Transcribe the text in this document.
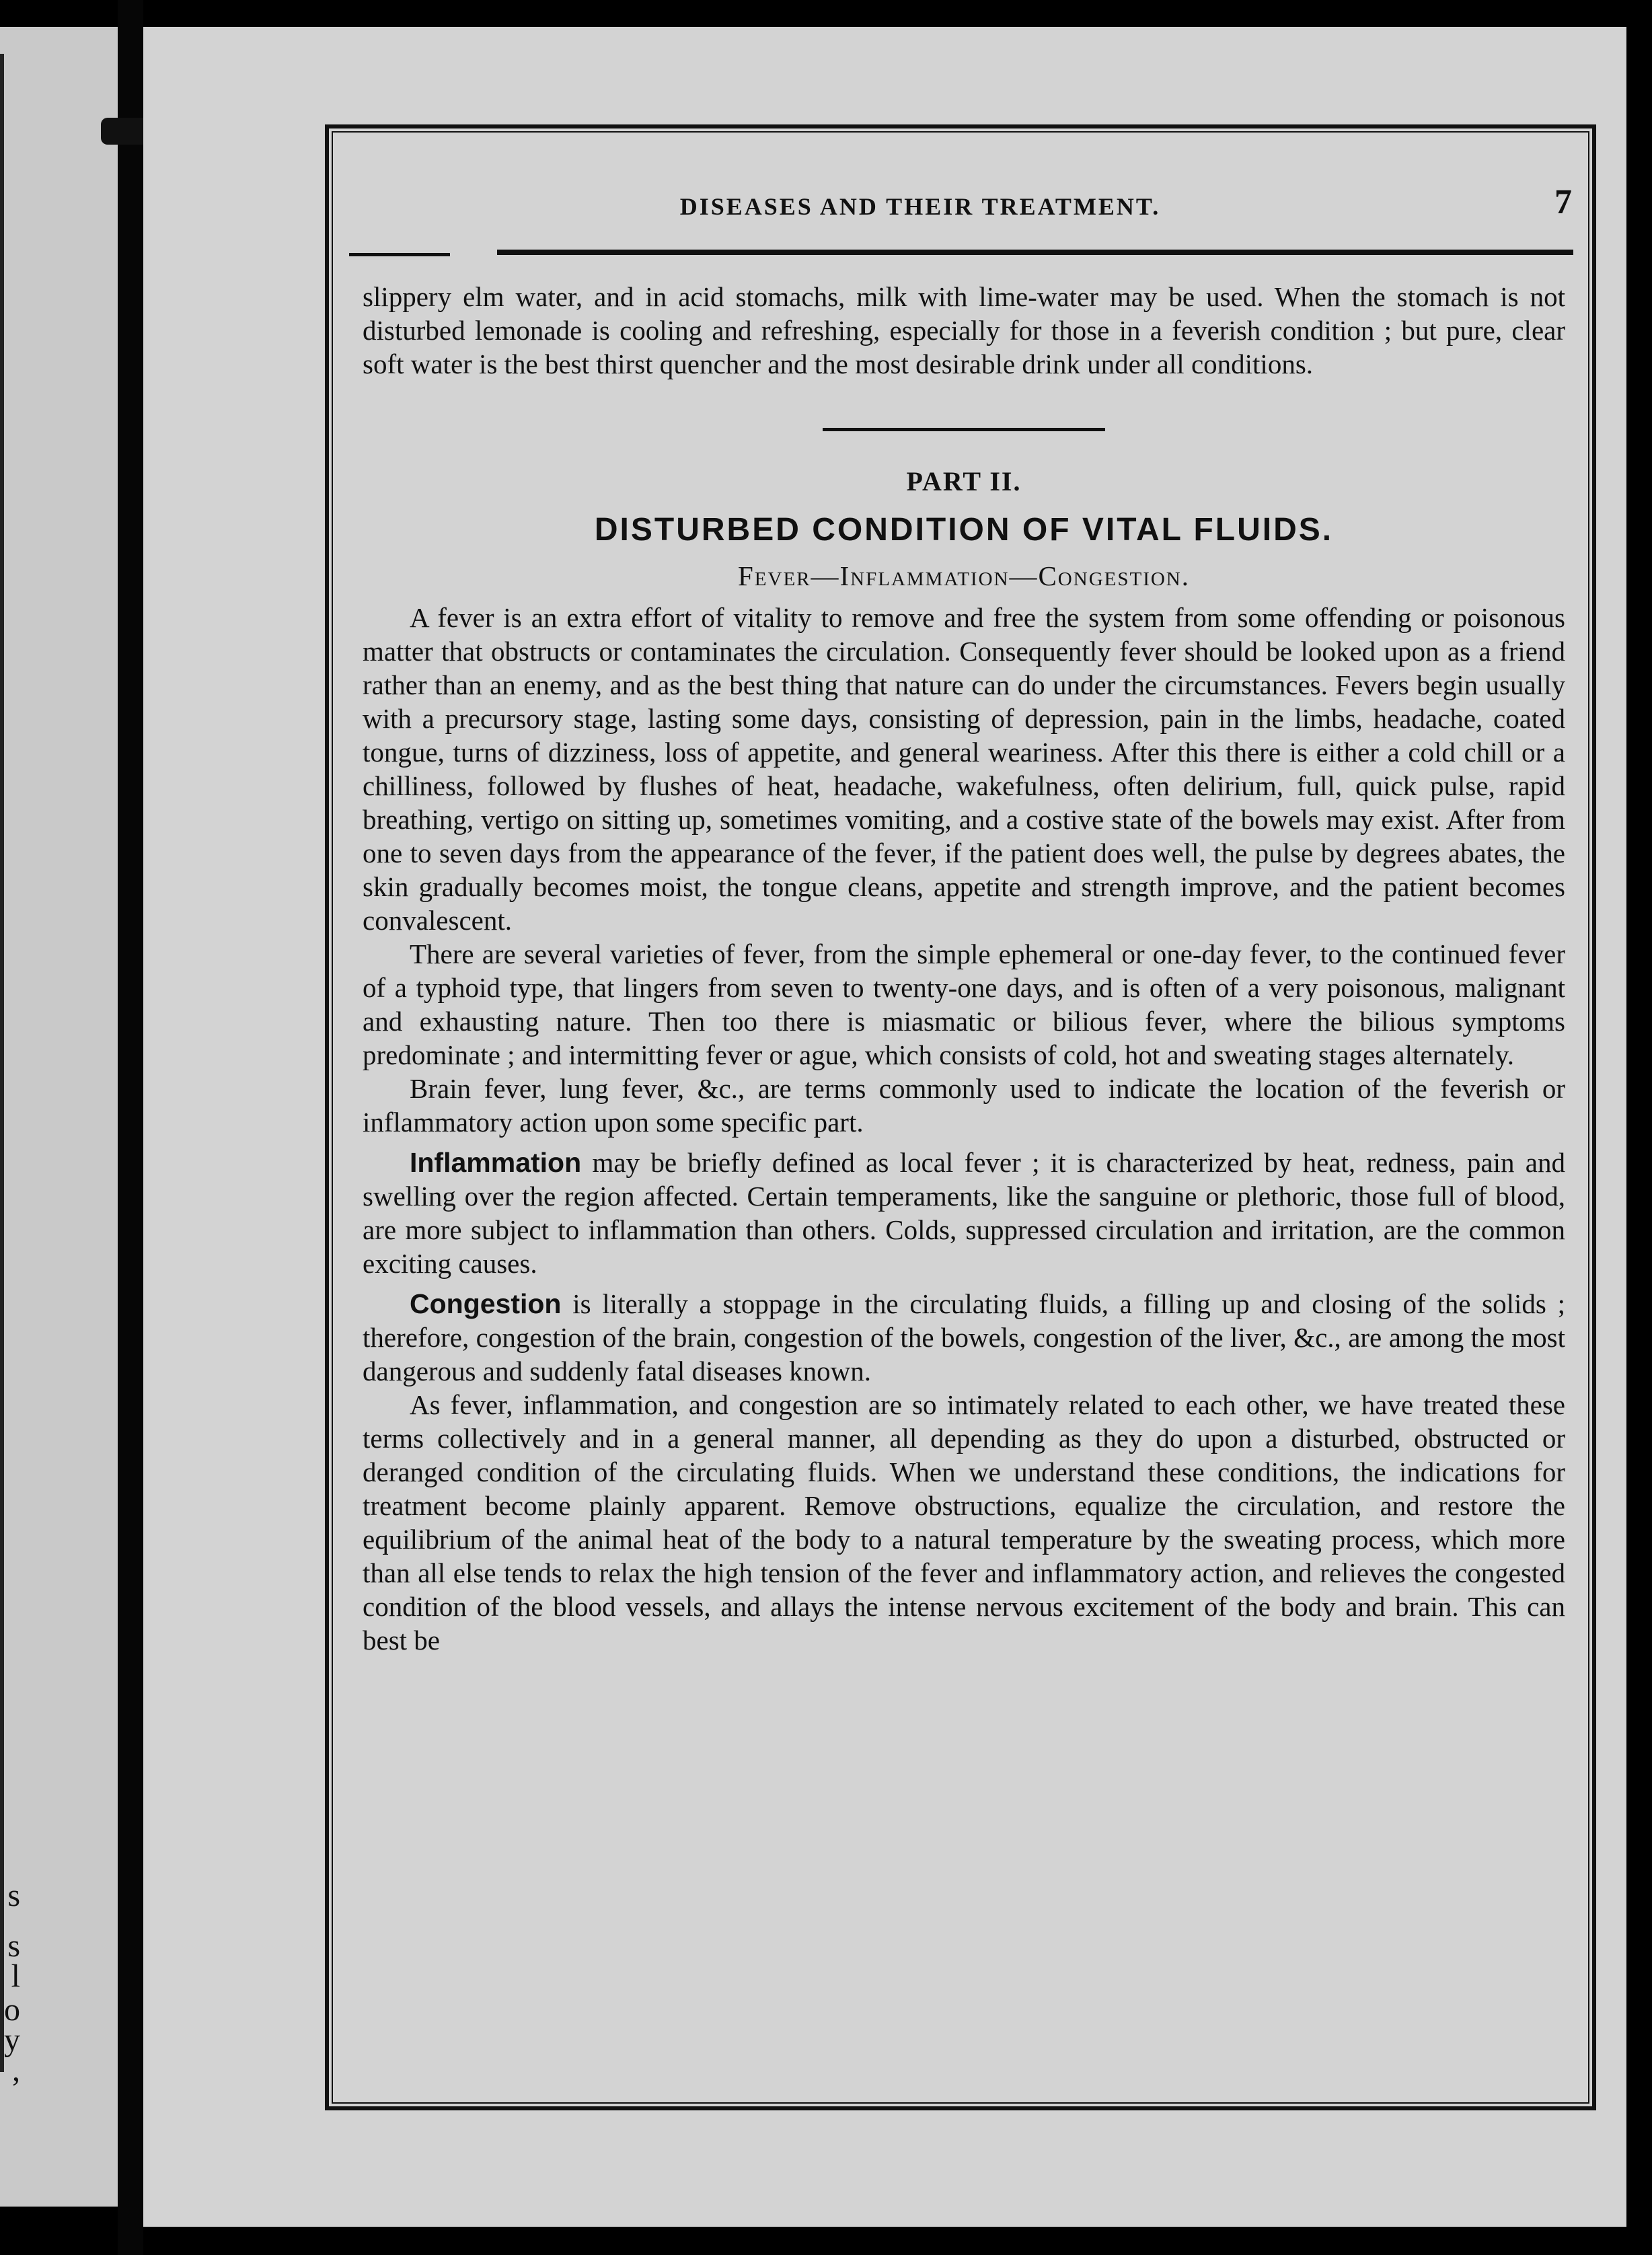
s
s
l
o
y
,
DISEASES AND THEIR TREATMENT.	7

slippery elm water, and in acid stomachs, milk with lime-water may be used. When the stomach is not disturbed lemonade is cooling and refreshing, especially for those in a feverish condition ; but pure, clear soft water is the best thirst quencher and the most desirable drink under all conditions.

PART II.
DISTURBED CONDITION OF VITAL FLUIDS.
Fever—Inflammation—Congestion.

A fever is an extra effort of vitality to remove and free the system from some offending or poisonous matter that obstructs or contaminates the circulation. Consequently fever should be looked upon as a friend rather than an enemy, and as the best thing that nature can do under the circumstances. Fevers begin usually with a precursory stage, lasting some days, consisting of depression, pain in the limbs, headache, coated tongue, turns of dizziness, loss of appetite, and general weariness. After this there is either a cold chill or a chilliness, followed by flushes of heat, headache, wakefulness, often delirium, full, quick pulse, rapid breathing, vertigo on sitting up, sometimes vomiting, and a costive state of the bowels may exist. After from one to seven days from the appearance of the fever, if the patient does well, the pulse by degrees abates, the skin gradually becomes moist, the tongue cleans, appetite and strength improve, and the patient becomes convalescent.

There are several varieties of fever, from the simple ephemeral or one-day fever, to the continued fever of a typhoid type, that lingers from seven to twenty-one days, and is often of a very poisonous, malignant and exhausting nature. Then too there is miasmatic or bilious fever, where the bilious symptoms predominate ; and intermitting fever or ague, which consists of cold, hot and sweating stages alternately.

Brain fever, lung fever, &c., are terms commonly used to indicate the location of the feverish or inflammatory action upon some specific part.

Inflammation may be briefly defined as local fever ; it is characterized by heat, redness, pain and swelling over the region affected. Certain temperaments, like the sanguine or plethoric, those full of blood, are more subject to inflammation than others. Colds, suppressed circulation and irritation, are the common exciting causes.

Congestion is literally a stoppage in the circulating fluids, a filling up and closing of the solids ; therefore, congestion of the brain, congestion of the bowels, congestion of the liver, &c., are among the most dangerous and suddenly fatal diseases known.

As fever, inflammation, and congestion are so intimately related to each other, we have treated these terms collectively and in a general manner, all depending as they do upon a disturbed, obstructed or deranged condition of the circulating fluids. When we understand these conditions, the indications for treatment become plainly apparent. Remove obstructions, equalize the circulation, and restore the equilibrium of the animal heat of the body to a natural temperature by the sweating process, which more than all else tends to relax the high tension of the fever and inflammatory action, and relieves the congested condition of the blood vessels, and allays the intense nervous excitement of the body and brain. This can best be
